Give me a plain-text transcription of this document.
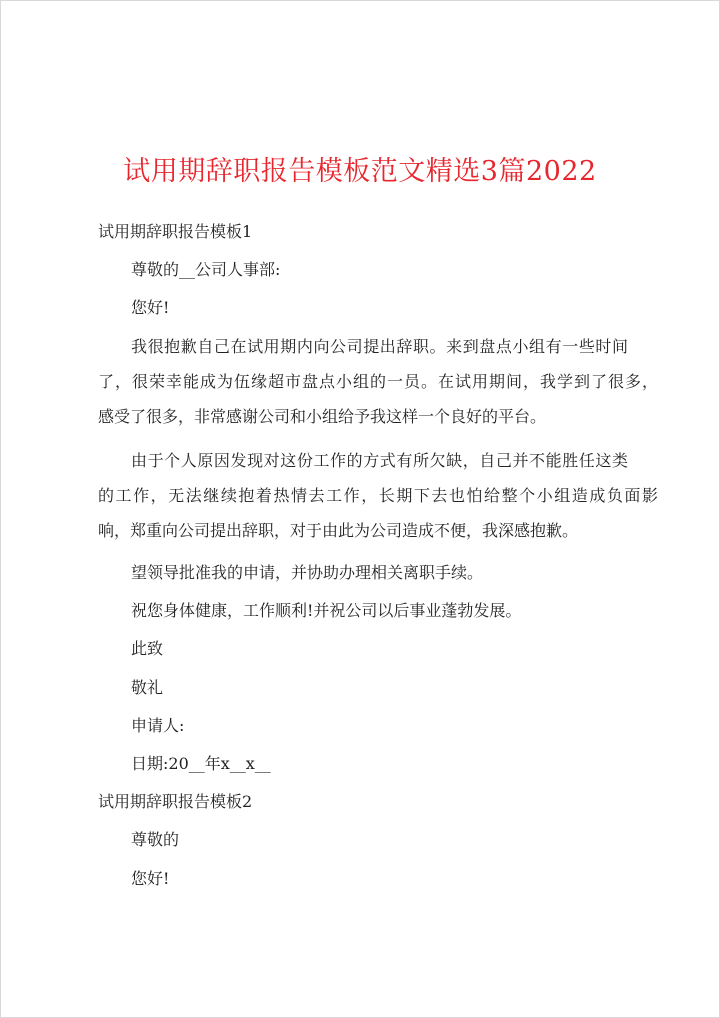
试用期辞职报告模板范文精选3篇2022
试用期辞职报告模板1
尊敬的__公司人事部:
您好!
我很抱歉自己在试用期内向公司提出辞职。来到盘点小组有一些时间
了，很荣幸能成为伍缘超市盘点小组的一员。在试用期间，我学到了很多，
感受了很多，非常感谢公司和小组给予我这样一个良好的平台。
由于个人原因发现对这份工作的方式有所欠缺，自己并不能胜任这类
的工作，无法继续抱着热情去工作，长期下去也怕给整个小组造成负面影
响，郑重向公司提出辞职，对于由此为公司造成不便，我深感抱歉。
望领导批准我的申请，并协助办理相关离职手续。
祝您身体健康，工作顺利!并祝公司以后事业蓬勃发展。
此致
敬礼
申请人:
日期:20__年x__x__
试用期辞职报告模板2
尊敬的
您好!
